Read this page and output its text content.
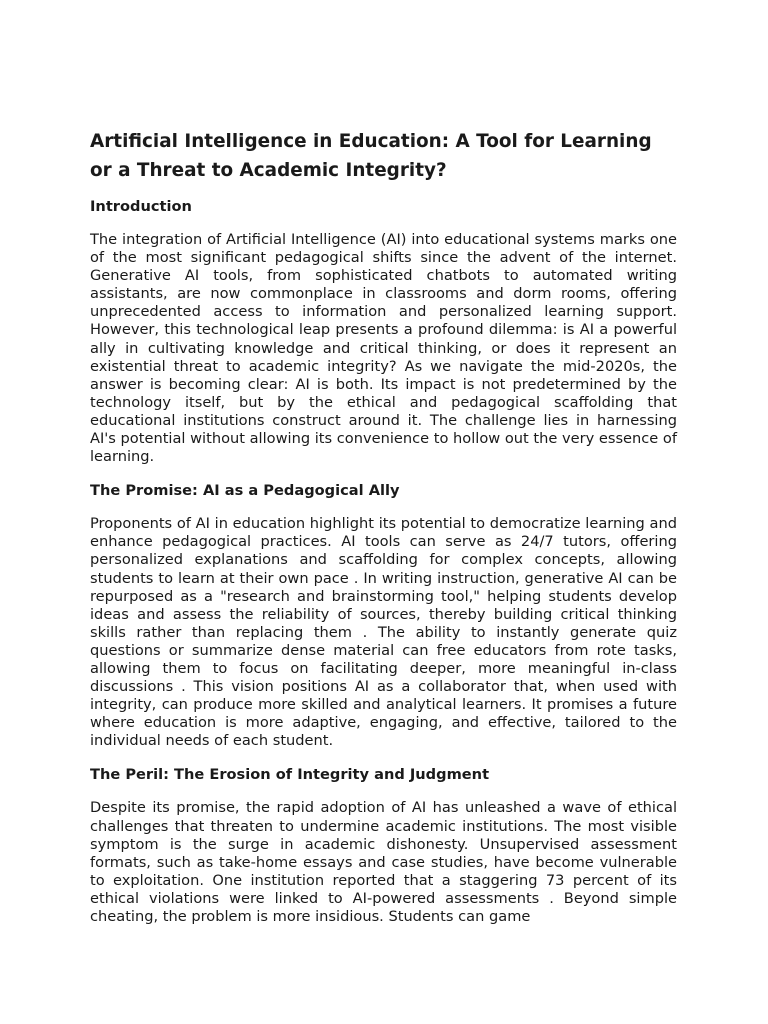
Artificial Intelligence in Education: A Tool for Learning or a Threat to Academic Integrity?
Introduction

The integration of Artificial Intelligence (AI) into educational systems marks one of the most significant pedagogical shifts since the advent of the internet. Generative AI tools, from sophisticated chatbots to automated writing assistants, are now commonplace in classrooms and dorm rooms, offering unprecedented access to information and personalized learning support. However, this technological leap presents a profound dilemma: is AI a powerful ally in cultivating knowledge and critical thinking, or does it represent an existential threat to academic integrity? As we navigate the mid-2020s, the answer is becoming clear: AI is both. Its impact is not predetermined by the technology itself, but by the ethical and pedagogical scaffolding that educational institutions construct around it. The challenge lies in harnessing AI's potential without allowing its convenience to hollow out the very essence of learning.

The Promise: AI as a Pedagogical Ally

Proponents of AI in education highlight its potential to democratize learning and enhance pedagogical practices. AI tools can serve as 24/7 tutors, offering personalized explanations and scaffolding for complex concepts, allowing students to learn at their own pace . In writing instruction, generative AI can be repurposed as a "research and brainstorming tool," helping students develop ideas and assess the reliability of sources, thereby building critical thinking skills rather than replacing them . The ability to instantly generate quiz questions or summarize dense material can free educators from rote tasks, allowing them to focus on facilitating deeper, more meaningful in-class discussions . This vision positions AI as a collaborator that, when used with integrity, can produce more skilled and analytical learners. It promises a future where education is more adaptive, engaging, and effective, tailored to the individual needs of each student.

The Peril: The Erosion of Integrity and Judgment

Despite its promise, the rapid adoption of AI has unleashed a wave of ethical challenges that threaten to undermine academic institutions. The most visible symptom is the surge in academic dishonesty. Unsupervised assessment formats, such as take-home essays and case studies, have become vulnerable to exploitation. One institution reported that a staggering 73 percent of its ethical violations were linked to AI-powered assessments . Beyond simple cheating, the problem is more insidious. Students can game
